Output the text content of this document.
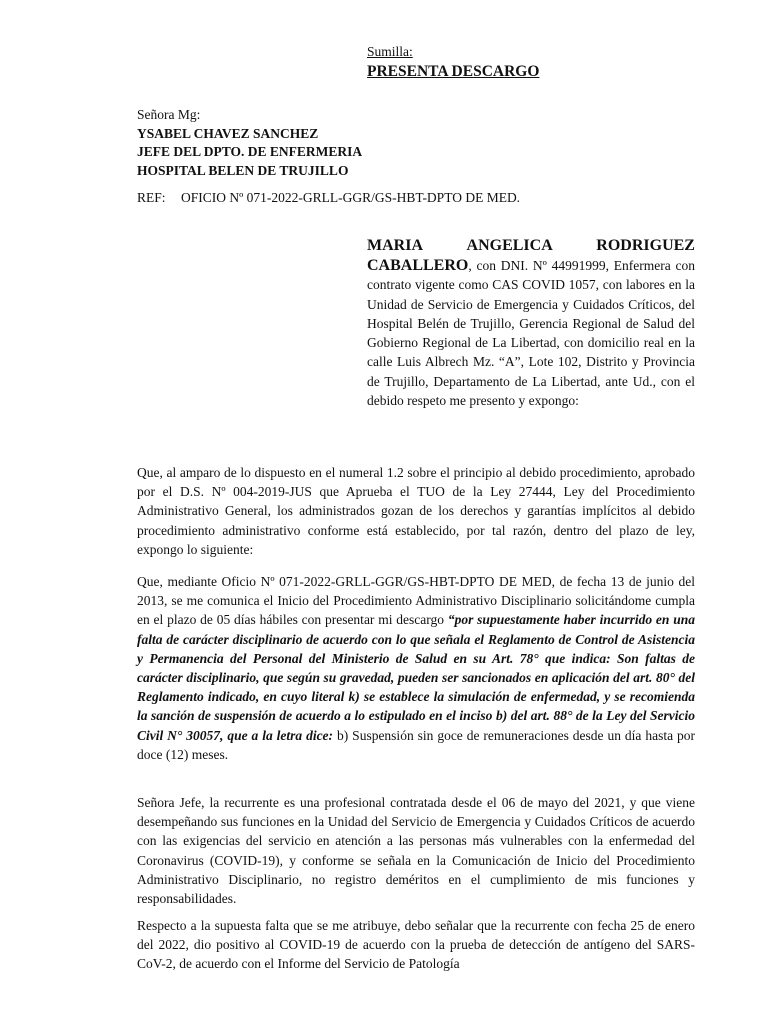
Sumilla:
PRESENTA DESCARGO
Señora Mg:
YSABEL CHAVEZ SANCHEZ
JEFE DEL DPTO. DE ENFERMERIA
HOSPITAL BELEN DE TRUJILLO
REF: OFICIO Nº 071-2022-GRLL-GGR/GS-HBT-DPTO DE MED.
MARIA	ANGELICA	RODRIGUEZ
CABALLERO, con DNI. Nº 44991999, Enfermera con contrato vigente como CAS COVID 1057, con labores en la Unidad de Servicio de Emergencia y Cuidados Críticos, del Hospital Belén de Trujillo, Gerencia Regional de Salud del Gobierno Regional de La Libertad, con domicilio real en la calle Luis Albrech Mz. “A”, Lote 102, Distrito y Provincia de Trujillo, Departamento de La Libertad, ante Ud., con el debido respeto me presento y expongo:

Que, al amparo de lo dispuesto en el numeral 1.2 sobre el principio al debido procedimiento, aprobado por el D.S. Nº 004-2019-JUS que Aprueba el TUO de la Ley 27444, Ley del Procedimiento Administrativo General, los administrados gozan de los derechos y garantías implícitos al debido procedimiento administrativo conforme está establecido, por tal razón, dentro del plazo de ley, expongo lo siguiente:

Que, mediante Oficio Nº 071-2022-GRLL-GGR/GS-HBT-DPTO DE MED, de fecha 13 de junio del 2013, se me comunica el Inicio del Procedimiento Administrativo Disciplinario solicitándome cumpla en el plazo de 05 días hábiles con presentar mi descargo “por supuestamente haber incurrido en una falta de carácter disciplinario de acuerdo con lo que señala el Reglamento de Control de Asistencia y Permanencia del Personal del Ministerio de Salud en su Art. 78° que indica: Son faltas de carácter disciplinario, que según su gravedad, pueden ser sancionados en aplicación del art. 80° del Reglamento indicado, en cuyo literal k) se establece la simulación de enfermedad, y se recomienda la sanción de suspensión de acuerdo a lo estipulado en el inciso b) del art. 88° de la Ley del Servicio Civil N° 30057, que a la letra dice: b) Suspensión sin goce de remuneraciones desde un día hasta por doce (12) meses.

Señora Jefe, la recurrente es una profesional contratada desde el 06 de mayo del 2021, y que viene desempeñando sus funciones en la Unidad del Servicio de Emergencia y Cuidados Críticos de acuerdo con las exigencias del servicio en atención a las personas más vulnerables con la enfermedad del Coronavirus (COVID-19), y conforme se señala en la Comunicación de Inicio del Procedimiento Administrativo Disciplinario, no registro deméritos en el cumplimiento de mis funciones y responsabilidades.

Respecto a la supuesta falta que se me atribuye, debo señalar que la recurrente con fecha 25 de enero del 2022, dio positivo al COVID-19 de acuerdo con la prueba de detección de antígeno del SARS-CoV-2, de acuerdo con el Informe del Servicio de Patología
